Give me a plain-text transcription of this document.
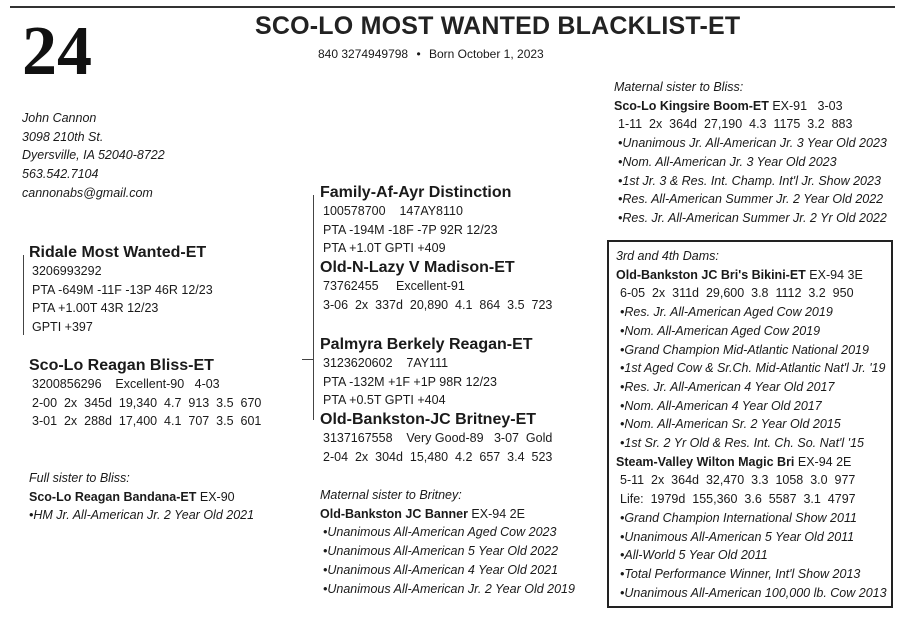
24	SCO-LO MOST WANTED BLACKLIST-ET
840 3274949798 • Born October 1, 2023
John Cannon
3098 210th St.
Dyersville, IA 52040-8722
563.542.7104
cannonabs@gmail.com
Ridale Most Wanted-ET
3206993292
PTA -649M -11F -13P 46R 12/23
PTA +1.00T 43R 12/23
GPTI +397
Sco-Lo Reagan Bliss-ET
3200856296    Excellent-90   4-03
2-00  2x  345d  19,340  4.7  913  3.5  670
3-01  2x  288d  17,400  4.1  707  3.5  601
Full sister to Bliss:
Sco-Lo Reagan Bandana-ET EX-90
•HM Jr. All-American Jr. 2 Year Old 2021
Family-Af-Ayr Distinction
100578700    147AY8110
PTA -194M -18F -7P 92R 12/23
PTA +1.0T GPTI +409
Old-N-Lazy V Madison-ET
73762455     Excellent-91
3-06  2x  337d  20,890  4.1  864  3.5  723
Palmyra Berkely Reagan-ET
3123620602    7AY111
PTA -132M +1F +1P 98R 12/23
PTA +0.5T GPTI +404
Old-Bankston-JC Britney-ET
3137167558    Very Good-89   3-07  Gold
2-04  2x  304d  15,480  4.2  657  3.4  523
Maternal sister to Britney:
Old-Bankston JC Banner EX-94 2E
•Unanimous All-American Aged Cow 2023
•Unanimous All-American 5 Year Old 2022
•Unanimous All-American 4 Year Old 2021
•Unanimous All-American Jr. 2 Year Old 2019
Maternal sister to Bliss:
Sco-Lo Kingsire Boom-ET EX-91   3-03
1-11  2x  364d  27,190  4.3  1175  3.2  883
•Unanimous Jr. All-American Jr. 3 Year Old 2023
•Nom. All-American Jr. 3 Year Old 2023
•1st Jr. 3 & Res. Int. Champ. Int'l Jr. Show 2023
•Res. All-American Summer Jr. 2 Year Old 2022
•Res. Jr. All-American Summer Jr. 2 Yr Old 2022
3rd and 4th Dams:
Old-Bankston JC Bri's Bikini-ET EX-94 3E
6-05  2x  311d  29,600  3.8  1112  3.2  950
•Res. Jr. All-American Aged Cow 2019
•Nom. All-American Aged Cow 2019
•Grand Champion Mid-Atlantic National 2019
•1st Aged Cow & Sr.Ch. Mid-Atlantic Nat'l Jr. '19
•Res. Jr. All-American 4 Year Old 2017
•Nom. All-American 4 Year Old 2017
•Nom. All-American Sr. 2 Year Old 2015
•1st Sr. 2 Yr Old & Res. Int. Ch. So. Nat'l '15
Steam-Valley Wilton Magic Bri EX-94 2E
5-11  2x  364d  32,470  3.3  1058  3.0  977
Life:  1979d  155,360  3.6  5587  3.1  4797
•Grand Champion International Show 2011
•Unanimous All-American 5 Year Old 2011
•All-World 5 Year Old 2011
•Total Performance Winner, Int'l Show 2013
•Unanimous All-American 100,000 lb. Cow 2013
